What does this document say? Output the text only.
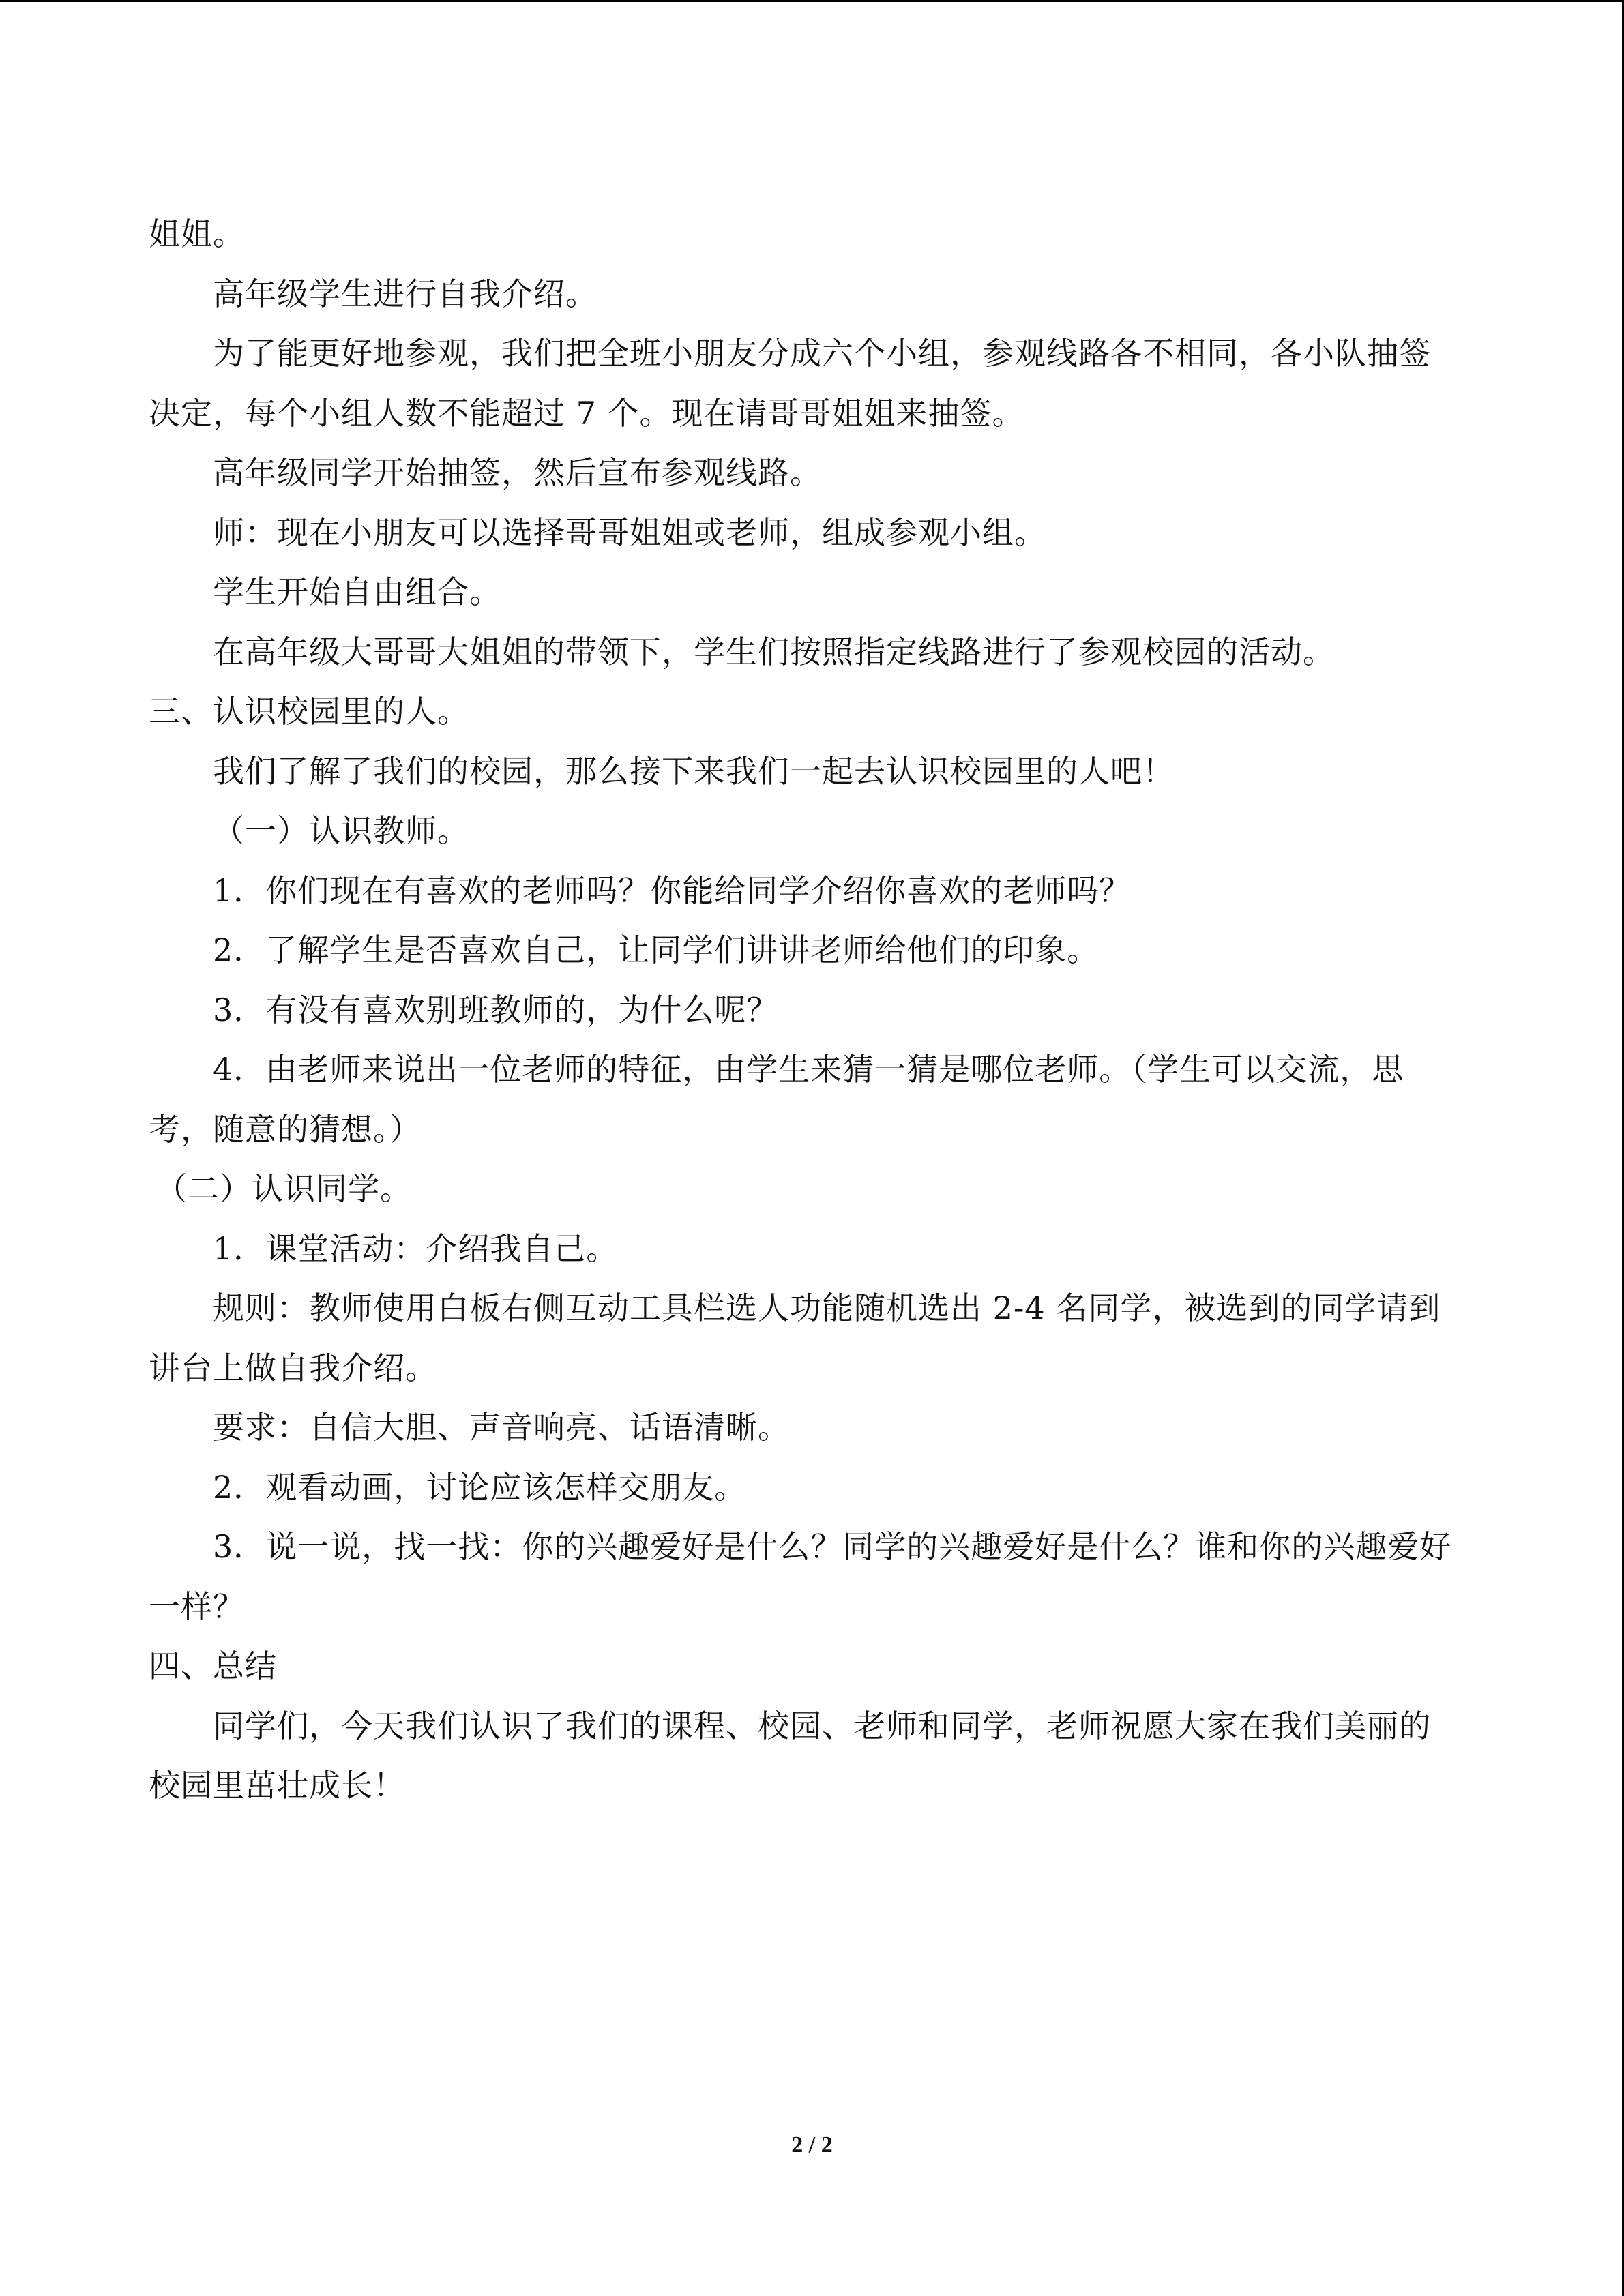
姐姐。
高年级学生进行自我介绍。
为了能更好地参观，我们把全班小朋友分成六个小组，参观线路各不相同，各小队抽签
决定，每个小组人数不能超过 7 个。现在请哥哥姐姐来抽签。
高年级同学开始抽签，然后宣布参观线路。
师：现在小朋友可以选择哥哥姐姐或老师，组成参观小组。
学生开始自由组合。
在高年级大哥哥大姐姐的带领下，学生们按照指定线路进行了参观校园的活动。
三、认识校园里的人。
我们了解了我们的校园，那么接下来我们一起去认识校园里的人吧！
（一）认识教师。
1．你们现在有喜欢的老师吗？你能给同学介绍你喜欢的老师吗？
2．了解学生是否喜欢自己，让同学们讲讲老师给他们的印象。
3．有没有喜欢别班教师的，为什么呢？
4．由老师来说出一位老师的特征，由学生来猜一猜是哪位老师。（学生可以交流，思
考，随意的猜想。）
（二）认识同学。
1．课堂活动：介绍我自己。
规则：教师使用白板右侧互动工具栏选人功能随机选出 2-4 名同学，被选到的同学请到
讲台上做自我介绍。
要求：自信大胆、声音响亮、话语清晰。
2．观看动画，讨论应该怎样交朋友。
3．说一说，找一找：你的兴趣爱好是什么？同学的兴趣爱好是什么？谁和你的兴趣爱好
一样？
四、总结
同学们，今天我们认识了我们的课程、校园、老师和同学，老师祝愿大家在我们美丽的
校园里茁壮成长！
2 / 2
